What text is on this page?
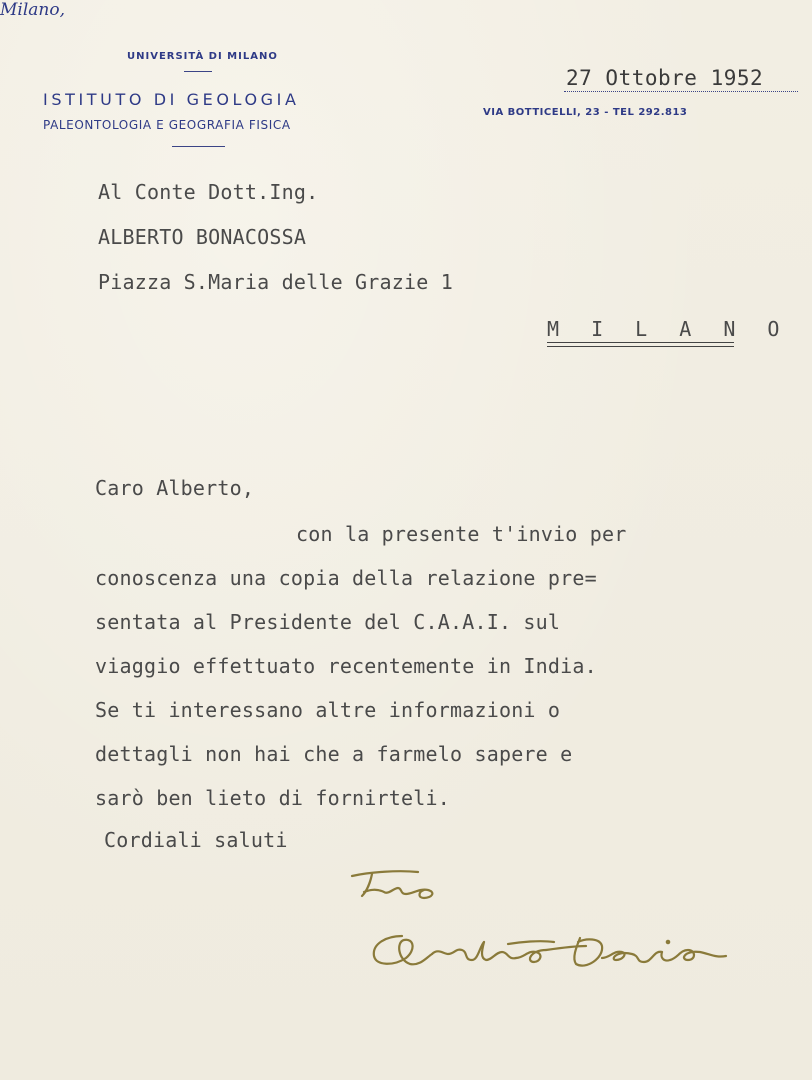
UNIVERSITÀ DI MILANO
ISTITUTO DI GEOLOGIA
PALEONTOLOGIA E GEOGRAFIA FISICA
Milano,
27 Ottobre 1952
VIA BOTTICELLI, 23 - TEL 292.813
Al Conte Dott.Ing.
ALBERTO BONACOSSA
Piazza S.Maria delle Grazie 1
M I L A N O
Caro Alberto,
con la presente t'invio per
conoscenza una copia della relazione pre=
sentata al Presidente del C.A.A.I. sul
viaggio effettuato recentemente in India.
Se ti interessano altre informazioni o
dettagli non hai che a farmelo sapere e
sarò ben lieto di fornirteli.
Cordiali saluti
